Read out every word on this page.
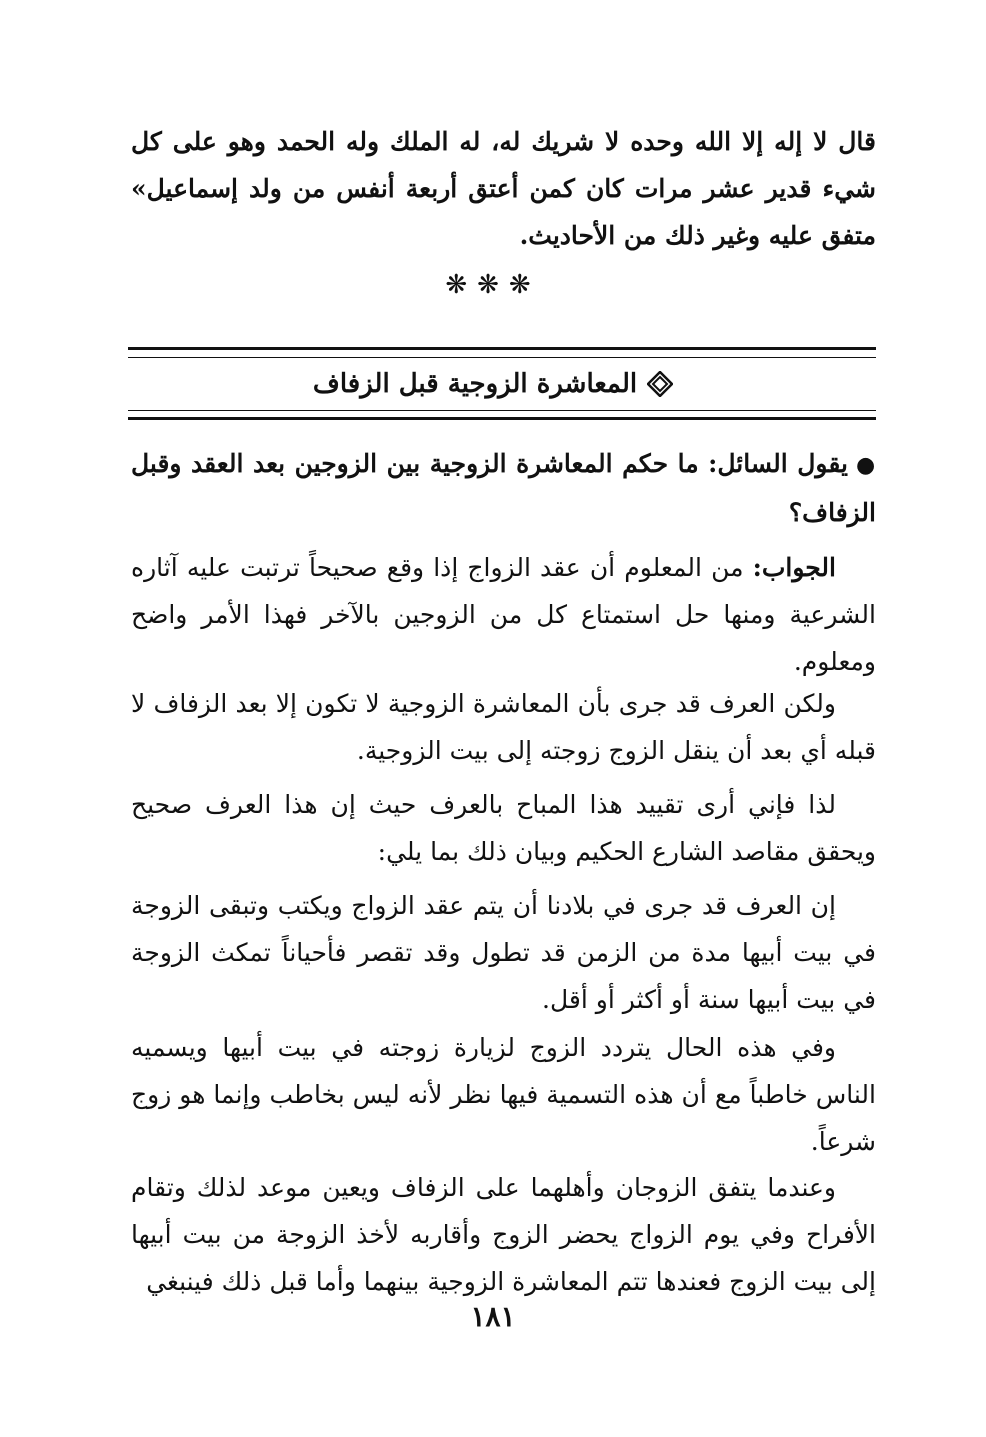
قال لا إله إلا الله وحده لا شريك له، له الملك وله الحمد وهو على كل شيء قدير عشر مرات كان كمن أعتق أربعة أنفس من ولد إسماعيل» متفق عليه وغير ذلك من الأحاديث.

❋❋❋
المعاشرة الزوجية قبل الزفاف

●يقول السائل: ما حكم المعاشرة الزوجية بين الزوجين بعد العقد وقبل الزفاف؟

الجواب: من المعلوم أن عقد الزواج إذا وقع صحيحاً ترتبت عليه آثاره الشرعية ومنها حل استمتاع كل من الزوجين بالآخر فهذا الأمر واضح ومعلوم.

ولكن العرف قد جرى بأن المعاشرة الزوجية لا تكون إلا بعد الزفاف لا قبله أي بعد أن ينقل الزوج زوجته إلى بيت الزوجية.

لذا فإني أرى تقييد هذا المباح بالعرف حيث إن هذا العرف صحيح ويحقق مقاصد الشارع الحكيم وبيان ذلك بما يلي:

إن العرف قد جرى في بلادنا أن يتم عقد الزواج ويكتب وتبقى الزوجة في بيت أبيها مدة من الزمن قد تطول وقد تقصر فأحياناً تمكث الزوجة في بيت أبيها سنة أو أكثر أو أقل.

وفي هذه الحال يتردد الزوج لزيارة زوجته في بيت أبيها ويسميه الناس خاطباً مع أن هذه التسمية فيها نظر لأنه ليس بخاطب وإنما هو زوج شرعاً.

وعندما يتفق الزوجان وأهلهما على الزفاف ويعين موعد لذلك وتقام الأفراح وفي يوم الزواج يحضر الزوج وأقاربه لأخذ الزوجة من بيت أبيها إلى بيت الزوج فعندها تتم المعاشرة الزوجية بينهما وأما قبل ذلك فينبغي

١٨١
